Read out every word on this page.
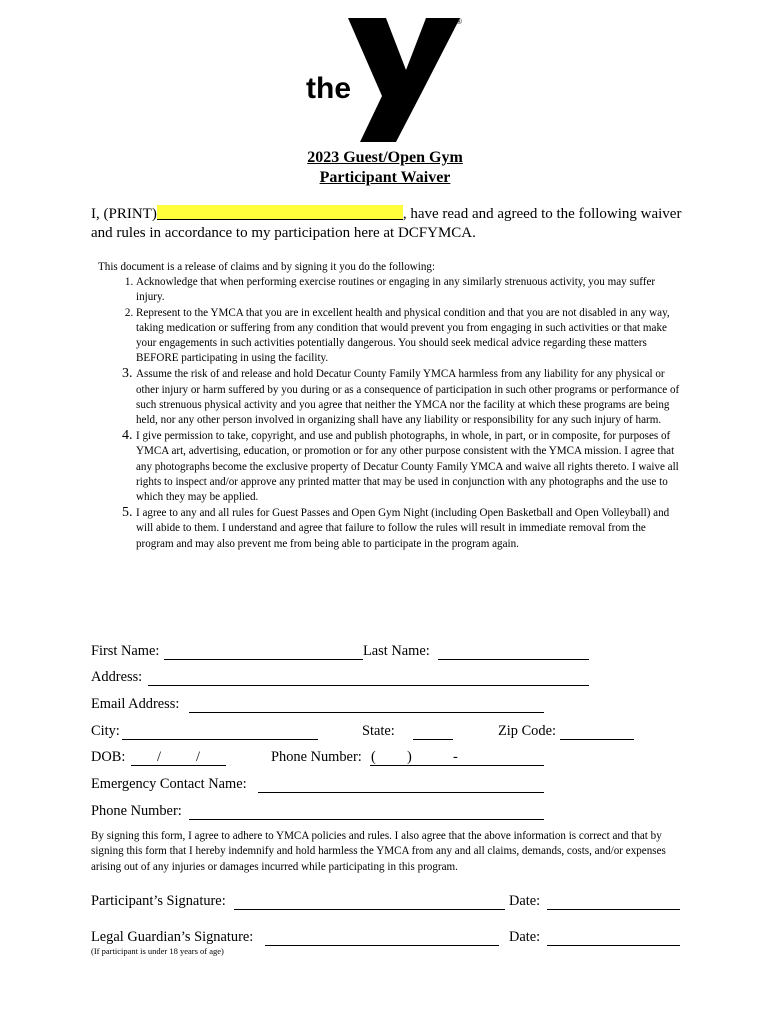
the
YMCA
®
2023 Guest/Open Gym
Participant Waiver
I, (PRINT)	, have read and agreed to the following waiver and rules in accordance to my participation here at DCFYMCA.
This document is a release of claims and by signing it you do the following:
1. Acknowledge that when performing exercise routines or engaging in any similarly strenuous activity, you may suffer injury.
2. Represent to the YMCA that you are in excellent health and physical condition and that you are not disabled in any way, taking medication or suffering from any condition that would prevent you from engaging in such activities or that make your engagements in such activities potentially dangerous. You should seek medical advice regarding these matters BEFORE participating in using the facility.
3. Assume the risk of and release and hold Decatur County Family YMCA harmless from any liability for any physical or other injury or harm suffered by you during or as a consequence of participation in such other programs or performance of such strenuous physical activity and you agree that neither the YMCA nor the facility at which these programs are being held, nor any other person involved in organizing shall have any liability or responsibility for any such injury of harm.
4. I give permission to take, copyright, and use and publish photographs, in whole, in part, or in composite, for purposes of YMCA art, advertising, education, or promotion or for any other purpose consistent with the YMCA mission. I agree that any photographs become the exclusive property of Decatur County Family YMCA and waive all rights thereto. I waive all rights to inspect and/or approve any printed matter that may be used in conjunction with any photographs and the use to which they may be applied.
5. I agree to any and all rules for Guest Passes and Open Gym Night (including Open Basketball and Open Volleyball) and will abide to them. I understand and agree that failure to follow the rules will result in immediate removal from the program and may also prevent me from being able to participate in the program again.
First Name:	Last Name:
Address:
Email Address:
City:	State:	Zip Code:
DOB: / /	Phone Number: ( )	-
Emergency Contact Name:
Phone Number:
By signing this form, I agree to adhere to YMCA policies and rules. I also agree that the above information is correct and that by signing this form that I hereby indemnify and hold harmless the YMCA from any and all claims, demands, costs, and/or expenses arising out of any injuries or damages incurred while participating in this program.
Participant’s Signature:	Date:
Legal Guardian’s Signature:	Date:
(If participant is under 18 years of age)
